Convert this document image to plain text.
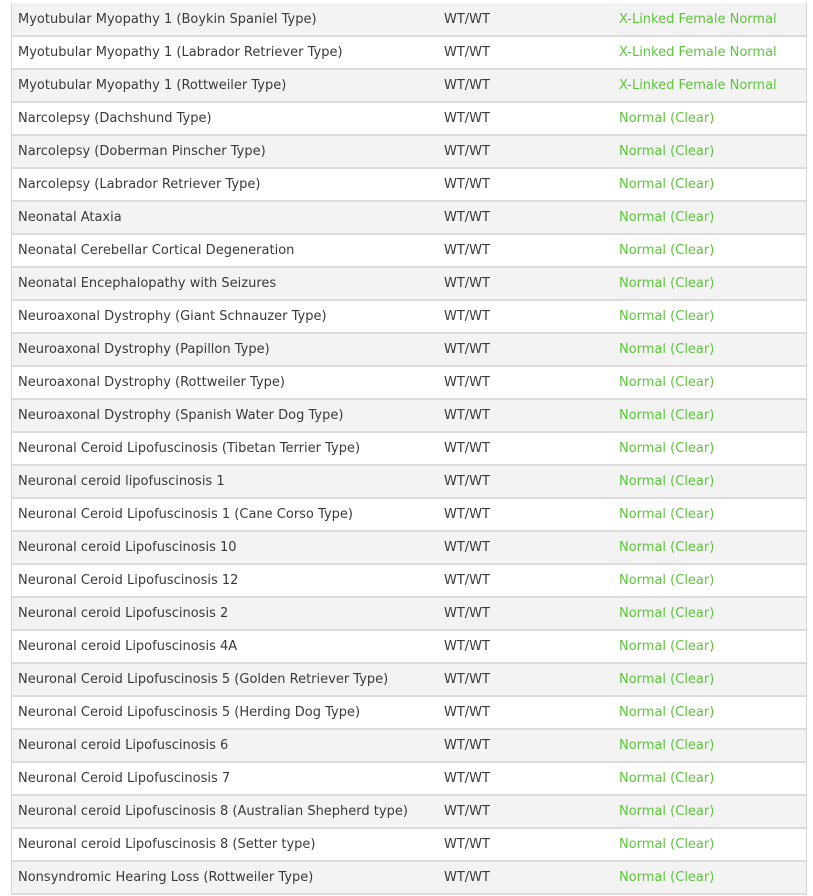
Myotubular Myopathy 1 (Boykin Spaniel Type)	WT/WT	X-Linked Female Normal
Myotubular Myopathy 1 (Labrador Retriever Type)	WT/WT	X-Linked Female Normal
Myotubular Myopathy 1 (Rottweiler Type)	WT/WT	X-Linked Female Normal
Narcolepsy (Dachshund Type)	WT/WT	Normal (Clear)
Narcolepsy (Doberman Pinscher Type)	WT/WT	Normal (Clear)
Narcolepsy (Labrador Retriever Type)	WT/WT	Normal (Clear)
Neonatal Ataxia	WT/WT	Normal (Clear)
Neonatal Cerebellar Cortical Degeneration	WT/WT	Normal (Clear)
Neonatal Encephalopathy with Seizures	WT/WT	Normal (Clear)
Neuroaxonal Dystrophy (Giant Schnauzer Type)	WT/WT	Normal (Clear)
Neuroaxonal Dystrophy (Papillon Type)	WT/WT	Normal (Clear)
Neuroaxonal Dystrophy (Rottweiler Type)	WT/WT	Normal (Clear)
Neuroaxonal Dystrophy (Spanish Water Dog Type)	WT/WT	Normal (Clear)
Neuronal Ceroid Lipofuscinosis (Tibetan Terrier Type)	WT/WT	Normal (Clear)
Neuronal ceroid lipofuscinosis 1	WT/WT	Normal (Clear)
Neuronal Ceroid Lipofuscinosis 1 (Cane Corso Type)	WT/WT	Normal (Clear)
Neuronal ceroid Lipofuscinosis 10	WT/WT	Normal (Clear)
Neuronal Ceroid Lipofuscinosis 12	WT/WT	Normal (Clear)
Neuronal ceroid Lipofuscinosis 2	WT/WT	Normal (Clear)
Neuronal ceroid Lipofuscinosis 4A	WT/WT	Normal (Clear)
Neuronal Ceroid Lipofuscinosis 5 (Golden Retriever Type)	WT/WT	Normal (Clear)
Neuronal Ceroid Lipofuscinosis 5 (Herding Dog Type)	WT/WT	Normal (Clear)
Neuronal ceroid Lipofuscinosis 6	WT/WT	Normal (Clear)
Neuronal Ceroid Lipofuscinosis 7	WT/WT	Normal (Clear)
Neuronal ceroid Lipofuscinosis 8 (Australian Shepherd type)	WT/WT	Normal (Clear)
Neuronal ceroid Lipofuscinosis 8 (Setter type)	WT/WT	Normal (Clear)
Nonsyndromic Hearing Loss (Rottweiler Type)	WT/WT	Normal (Clear)
